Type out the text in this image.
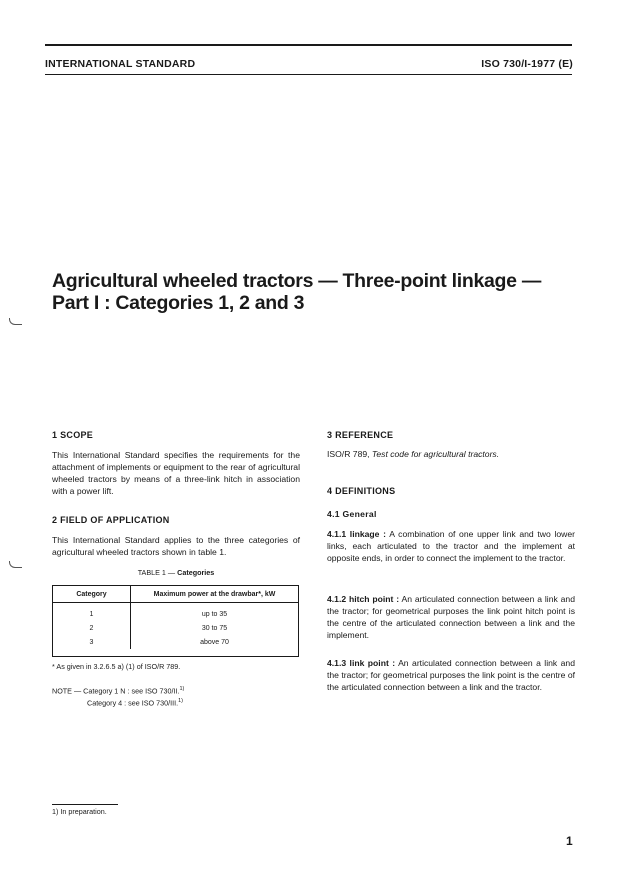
INTERNATIONAL STANDARD	ISO 730/I-1977 (E)
Agricultural wheeled tractors — Three-point linkage —
Part I : Categories 1, 2 and 3
1 SCOPE
This International Standard specifies the requirements for the attachment of implements or equipment to the rear of agricultural wheeled tractors by means of a three-link hitch in association with a power lift.
2 FIELD OF APPLICATION
This International Standard applies to the three categories of agricultural wheeled tractors shown in table 1.
TABLE 1 — Categories
Category	Maximum power at the drawbar*, kW
1	up to 35
2	30 to 75
3	above 70
* As given in 3.2.6.5 a) (1) of ISO/R 789.
NOTE — Category 1 N : see ISO 730/II.$^{1)}$
Category 4 : see ISO 730/III.$^{1)}$
1) In preparation.
3 REFERENCE
ISO/R 789, Test code for agricultural tractors.
4 DEFINITIONS
4.1 General
4.1.1 linkage : A combination of one upper link and two lower links, each articulated to the tractor and the implement at opposite ends, in order to connect the implement to the tractor.
4.1.2 hitch point : An articulated connection between a link and the tractor; for geometrical purposes the link point hitch point is the centre of the articulated connection between a link and the implement.
4.1.3 link point : An articulated connection between a link and the tractor; for geometrical purposes the link point is the centre of the articulated connection between a link and the tractor.
1
